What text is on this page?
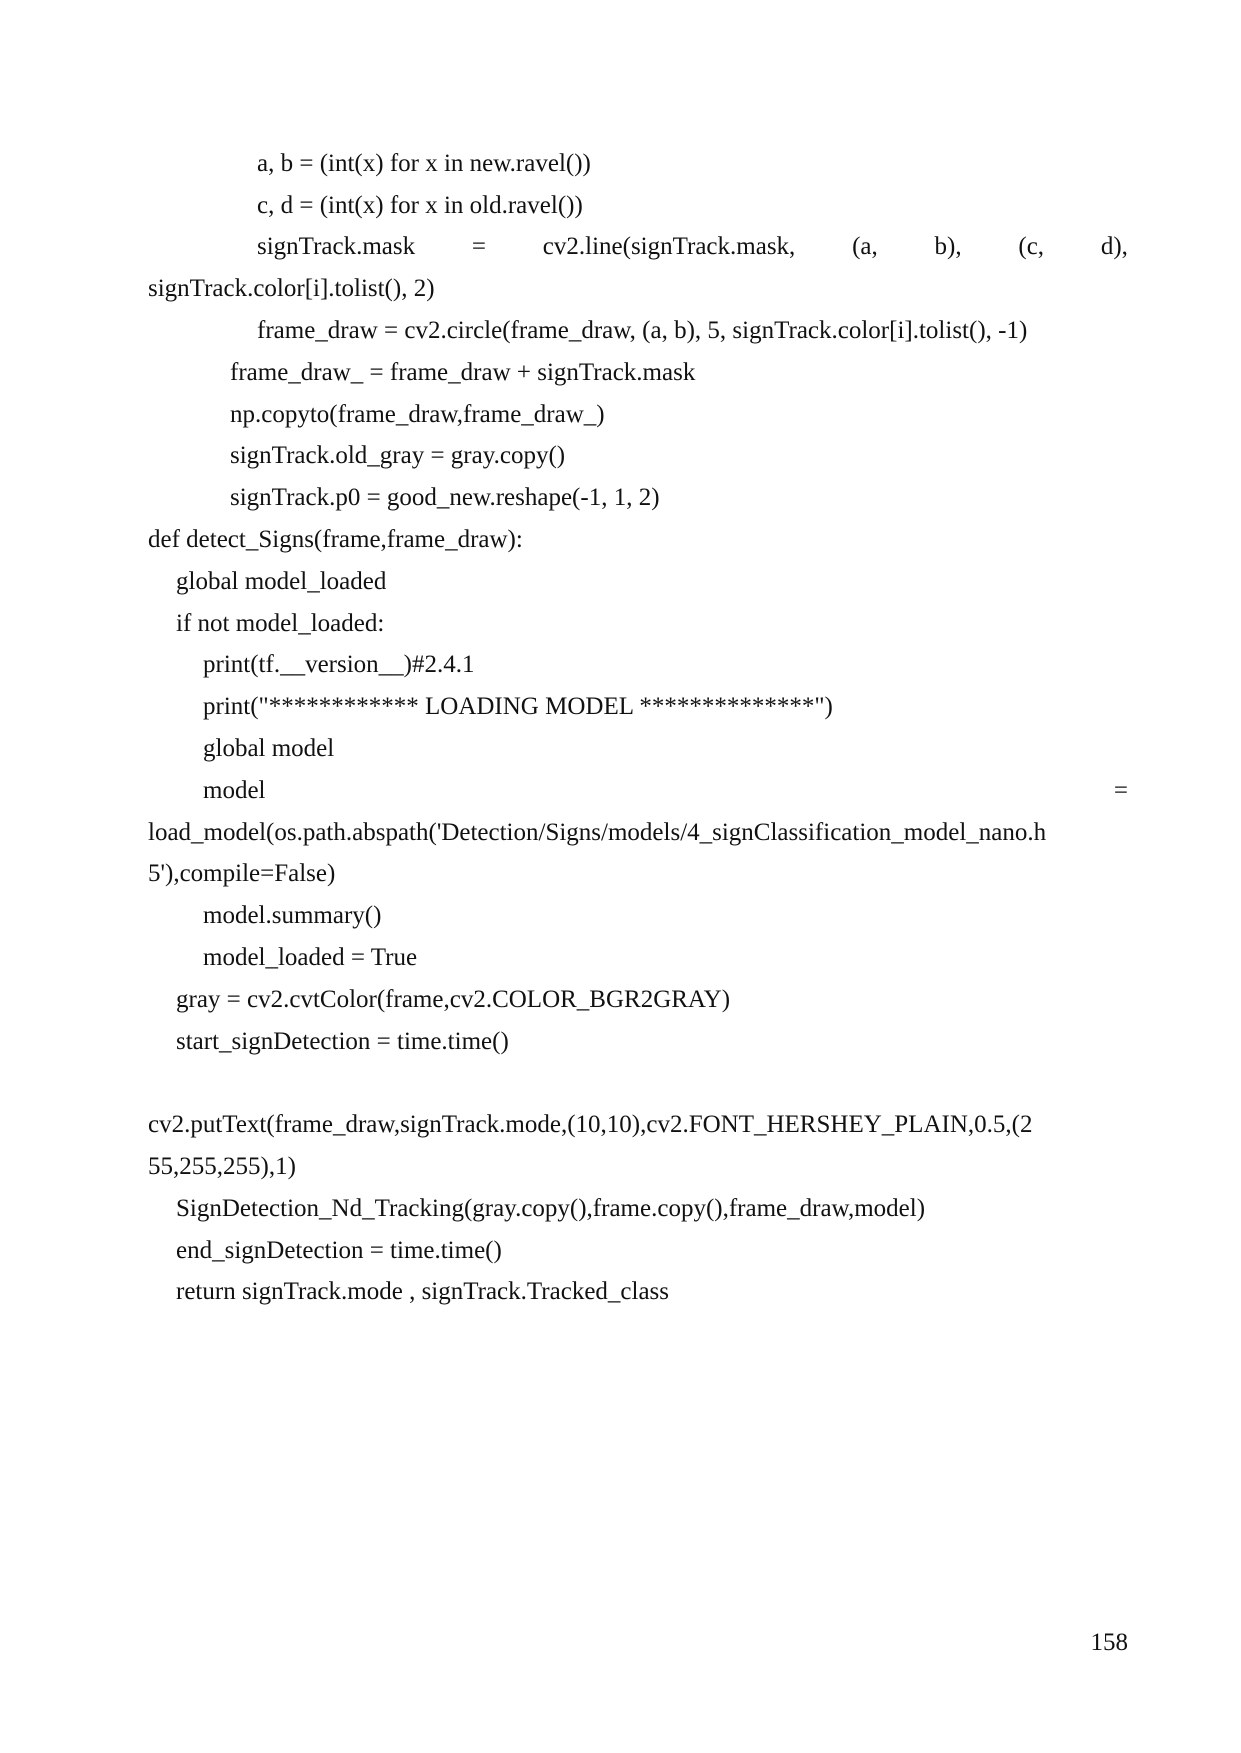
a, b = (int(x) for x in new.ravel())
c, d = (int(x) for x in old.ravel())
signTrack.mask = cv2.line(signTrack.mask, (a, b), (c, d),
signTrack.color[i].tolist(), 2)
frame_draw = cv2.circle(frame_draw, (a, b), 5, signTrack.color[i].tolist(), -1)
frame_draw_ = frame_draw + signTrack.mask
np.copyto(frame_draw,frame_draw_)
signTrack.old_gray = gray.copy()
signTrack.p0 = good_new.reshape(-1, 1, 2)
def detect_Signs(frame,frame_draw):
global model_loaded
if not model_loaded:
print(tf.__version__)#2.4.1
print("************ LOADING MODEL **************")
global model
model	=
load_model(os.path.abspath('Detection/Signs/models/4_signClassification_model_nano.h
5'),compile=False)
model.summary()
model_loaded = True
gray = cv2.cvtColor(frame,cv2.COLOR_BGR2GRAY)
start_signDetection = time.time()
cv2.putText(frame_draw,signTrack.mode,(10,10),cv2.FONT_HERSHEY_PLAIN,0.5,(2
55,255,255),1)
SignDetection_Nd_Tracking(gray.copy(),frame.copy(),frame_draw,model)
end_signDetection = time.time()
return signTrack.mode , signTrack.Tracked_class
158
